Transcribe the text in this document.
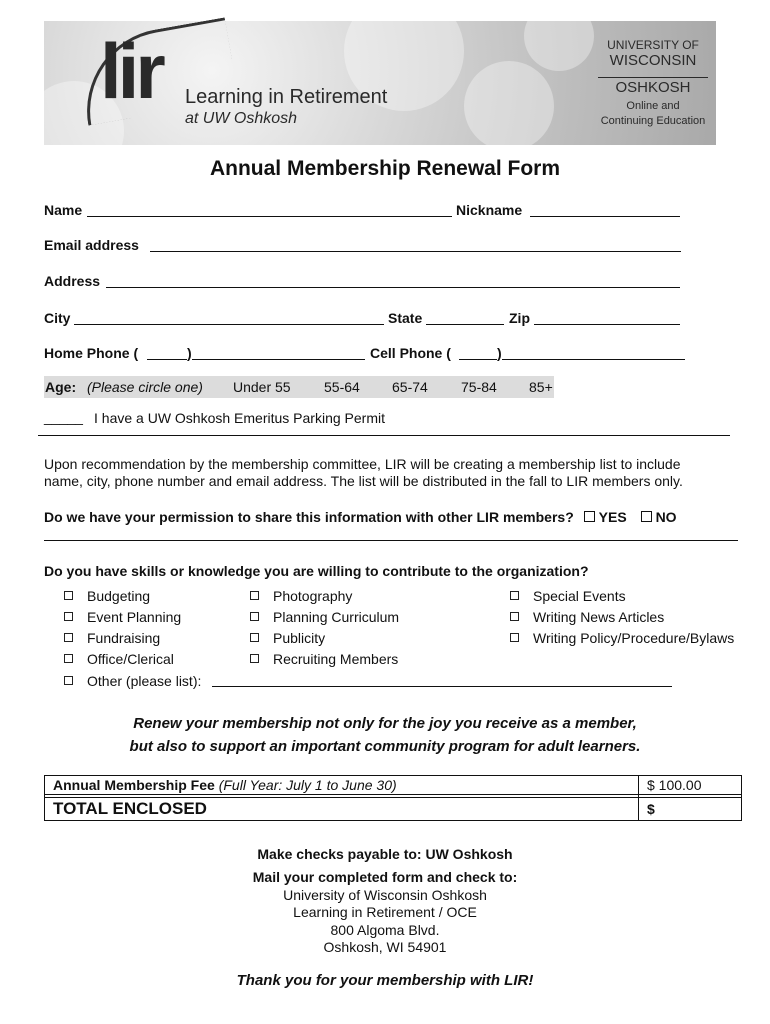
lir Learning in Retirement
at UW Oshkosh
UNIVERSITY OF
WISCONSIN
OSHKOSH
Online and
Continuing Education
Annual Membership Renewal Form
Name	Nickname
Email address
Address
City	State	Zip
Home Phone (	)	Cell Phone (	)
Age: (Please circle one) Under 55 55-64 65-74 75-84 85+
_____ I have a UW Oshkosh Emeritus Parking Permit
Upon recommendation by the membership committee, LIR will be creating a membership list to include
name, city, phone number and email address. The list will be distributed in the fall to LIR members only.
Do we have your permission to share this information with other LIR members? YES NO
Do you have skills or knowledge you are willing to contribute to the organization?
Budgeting
Event Planning
Fundraising
Office/Clerical
Other (please list):
Photography
Planning Curriculum
Publicity
Recruiting Members
Special Events
Writing News Articles
Writing Policy/Procedure/Bylaws
Renew your membership not only for the joy you receive as a member,
but also to support an important community program for adult learners.
Annual Membership Fee (Full Year: July 1 to June 30)	$ 100.00

TOTAL ENCLOSED	$
Make checks payable to: UW Oshkosh
Mail your completed form and check to:
University of Wisconsin Oshkosh
Learning in Retirement / OCE
800 Algoma Blvd.
Oshkosh, WI 54901
Thank you for your membership with LIR!
